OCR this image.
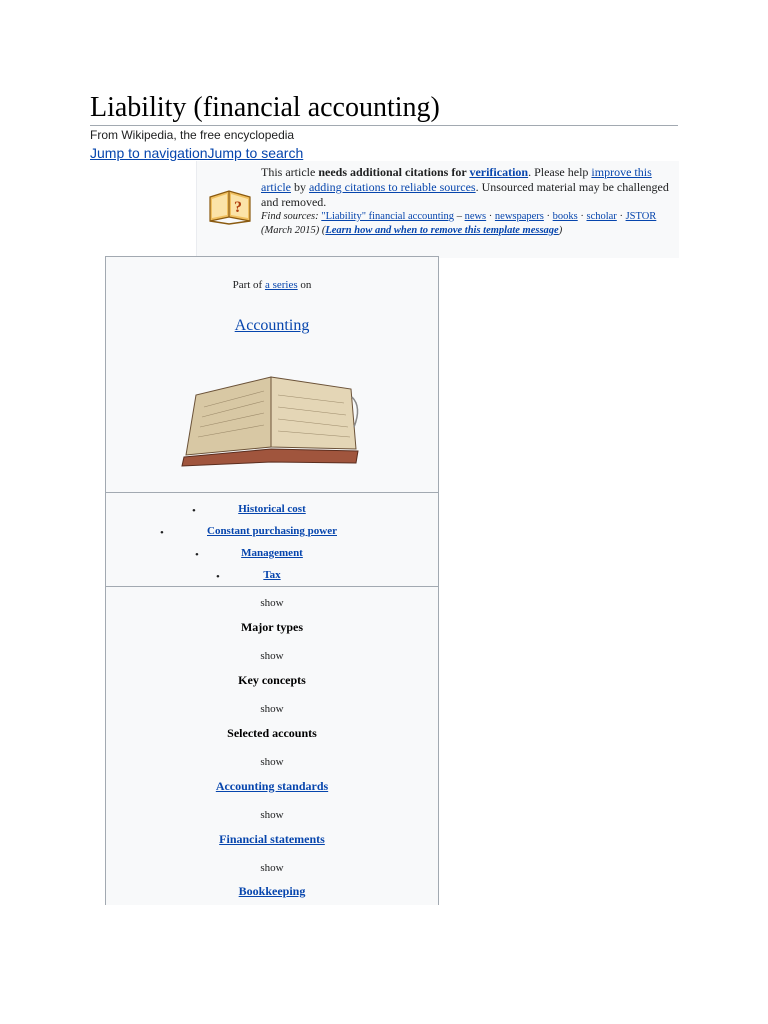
Liability (financial accounting)
From Wikipedia, the free encyclopedia
Jump to navigationJump to search
?
This article needs additional citations for verification. Please help improve this article by adding citations to reliable sources. Unsourced material may be challenged and removed.
Find sources: "Liability" financial accounting – news · newspapers · books · scholar · JSTOR (March 2015) (Learn how and when to remove this template message)
Part of a series on
Accounting
•	Historical cost
•	Constant purchasing power
•	Management
•	Tax
show
Major types
show
Key concepts
show
Selected accounts
show
Accounting standards
show
Financial statements
show
Bookkeeping
